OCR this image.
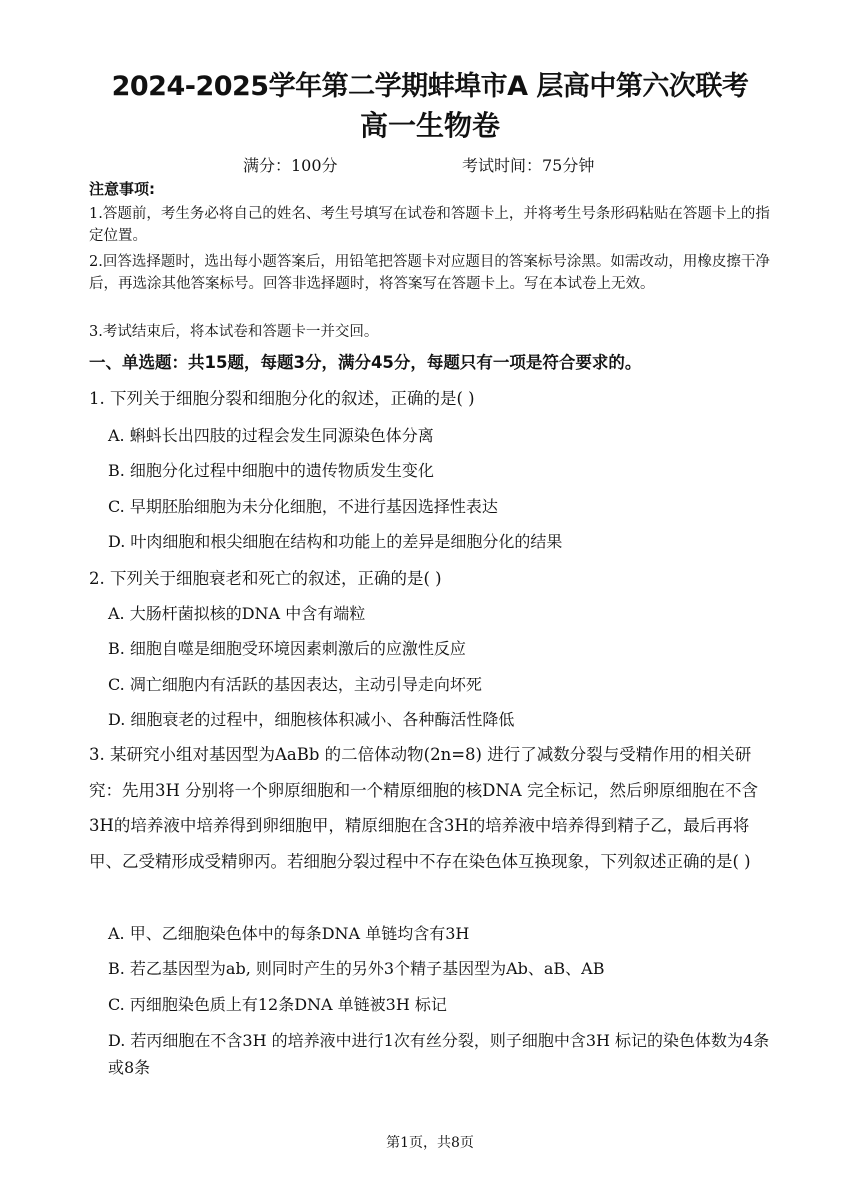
2024-2025学年第二学期蚌埠市A 层高中第六次联考
高一生物卷
满分：100分	考试时间：75分钟
注意事项:
1.答题前，考生务必将自己的姓名、考生号填写在试卷和答题卡上，并将考生号条形码粘贴在答题卡上的指定位置。
2.回答选择题时，选出每小题答案后，用铅笔把答题卡对应题目的答案标号涂黑。如需改动，用橡皮擦干净后，再选涂其他答案标号。回答非选择题时，将答案写在答题卡上。写在本试卷上无效。
3.考试结束后，将本试卷和答题卡一并交回。
一、单选题：共15题，每题3分，满分45分，每题只有一项是符合要求的。
1. 下列关于细胞分裂和细胞分化的叙述，正确的是( )
A. 蝌蚪长出四肢的过程会发生同源染色体分离
B. 细胞分化过程中细胞中的遗传物质发生变化
C. 早期胚胎细胞为未分化细胞，不进行基因选择性表达
D. 叶肉细胞和根尖细胞在结构和功能上的差异是细胞分化的结果
2. 下列关于细胞衰老和死亡的叙述，正确的是( )
A. 大肠杆菌拟核的DNA 中含有端粒
B. 细胞自噬是细胞受环境因素刺激后的应激性反应
C. 凋亡细胞内有活跃的基因表达，主动引导走向坏死
D. 细胞衰老的过程中，细胞核体积减小、各种酶活性降低
3. 某研究小组对基因型为AaBb 的二倍体动物(2n=8) 进行了减数分裂与受精作用的相关研究：先用3H 分别将一个卵原细胞和一个精原细胞的核DNA 完全标记，然后卵原细胞在不含3H的培养液中培养得到卵细胞甲，精原细胞在含3H的培养液中培养得到精子乙，最后再将甲、乙受精形成受精卵丙。若细胞分裂过程中不存在染色体互换现象，下列叙述正确的是( )
A. 甲、乙细胞染色体中的每条DNA 单链均含有3H
B. 若乙基因型为ab, 则同时产生的另外3个精子基因型为Ab、aB、AB
C. 丙细胞染色质上有12条DNA 单链被3H 标记
D. 若丙细胞在不含3H 的培养液中进行1次有丝分裂，则子细胞中含3H 标记的染色体数为4条或8条
第1页，共8页
